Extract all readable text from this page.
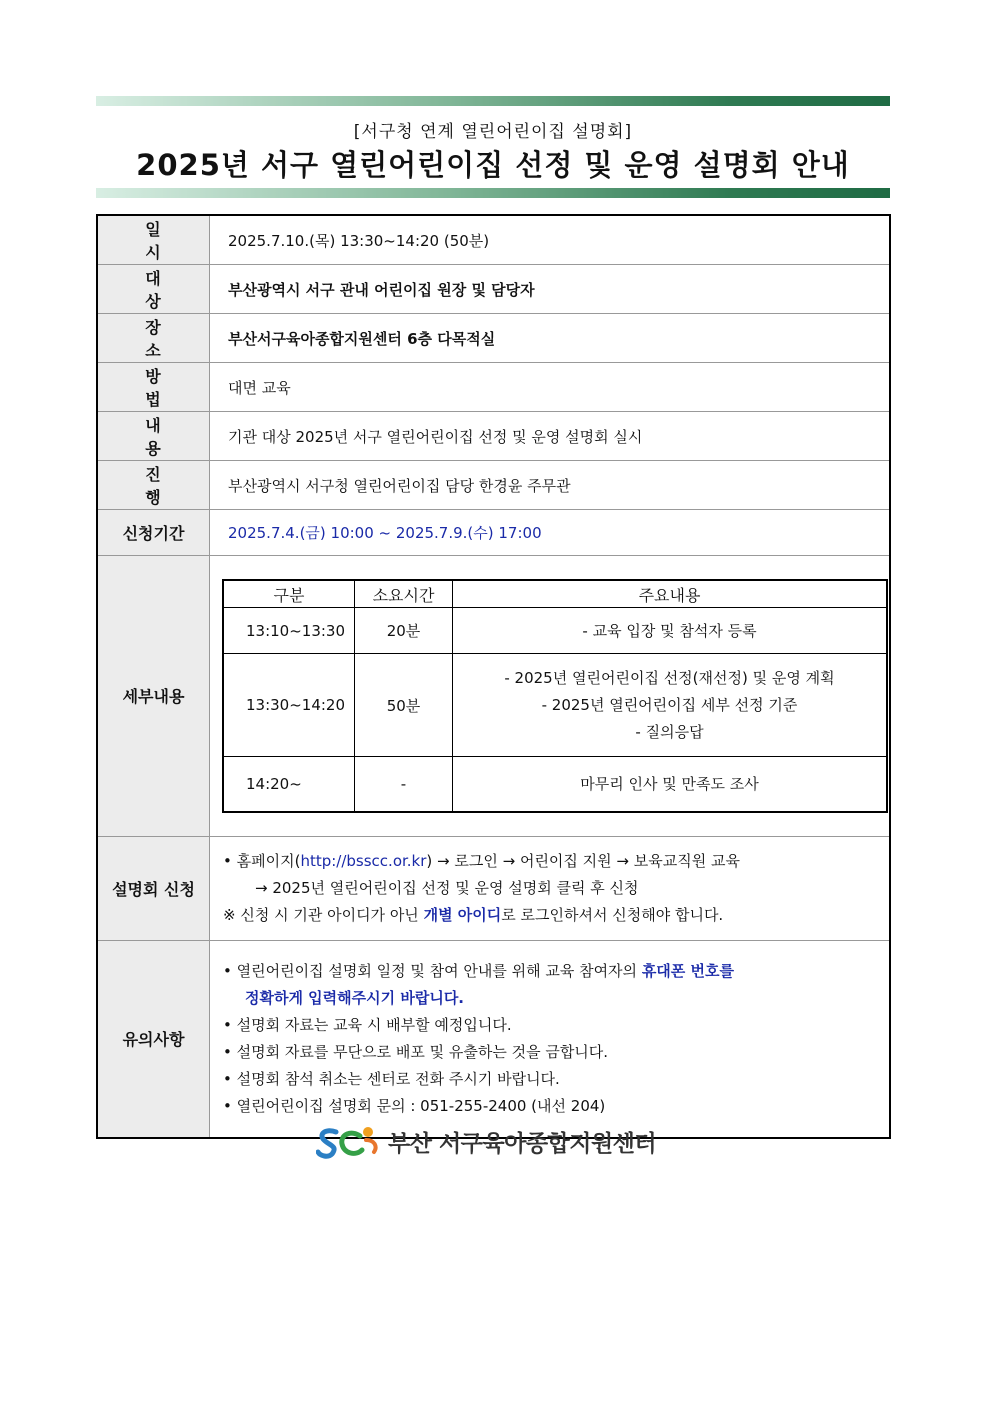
[서구청 연계 열린어린이집 설명회]
2025년 서구 열린어린이집 선정 및 운영 설명회 안내
일 시	2025.7.10.(목) 13:30~14:20 (50분)
대 상	부산광역시 서구 관내 어린이집 원장 및 담당자
장 소	부산서구육아종합지원센터 6층 다목적실
방 법	대면 교육
내 용	기관 대상 2025년 서구 열린어린이집 선정 및 운영 설명회 실시
진 행	부산광역시 서구청 열린어린이집 담당 한경윤 주무관
신청기간	2025.7.4.(금) 10:00 ~ 2025.7.9.(수) 17:00
세부내용	
구분	소요시간	주요내용
13:10~13:30	20분	- 교육 입장 및 참석자 등록
13:30~14:20	50분	
- 2025년 열린어린이집 선정(재선정) 및 운영 계획
- 2025년 열린어린이집 세부 선정 기준
- 질의응답

14:20~	-	마무리 인사 및 만족도 조사

설명회 신청	
• 홈페이지(http://bsscc.or.kr) → 로그인 → 어린이집 지원 → 보육교직원 교육
→ 2025년 열린어린이집 선정 및 운영 설명회 클릭 후 신청
※ 신청 시 기관 아이디가 아닌 개별 아이디로 로그인하셔서 신청해야 합니다.

유의사항	
• 열린어린이집 설명회 일정 및 참여 안내를 위해 교육 참여자의 휴대폰 번호를
정확하게 입력해주시기 바랍니다.
• 설명회 자료는 교육 시 배부할 예정입니다.
• 설명회 자료를 무단으로 배포 및 유출하는 것을 금합니다.
• 설명회 참석 취소는 센터로 전화 주시기 바랍니다.
• 열린어린이집 설명회 문의 : 051-255-2400 (내선 204)
부산 서구육아종합지원센터
